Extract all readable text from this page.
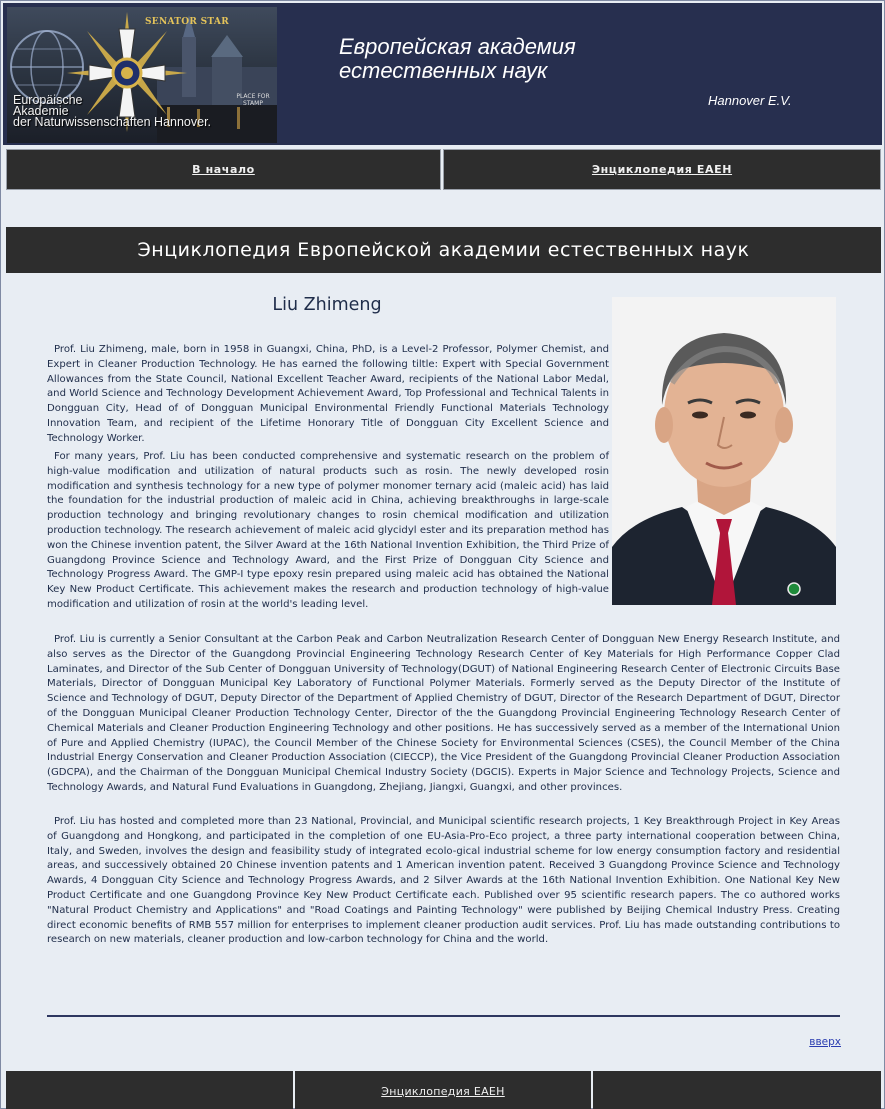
SENATOR STAR
PLACE FOR STAMP
Europäische
Akademie
der Naturwissenschaften Hannover.
Европейская академия
естественных наук
Hannover E.V.
В начало	Энциклопедия ЕАЕН
Энциклопедия Европейской академии естественных наук
Liu Zhimeng

Prof. Liu Zhimeng, male, born in 1958 in Guangxi, China, PhD, is a Level-2 Professor, Polymer Chemist, and Expert in Cleaner Production Technology. He has earned the following tiltle: Expert with Special Government Allowances from the State Council, National Excellent Teacher Award, recipients of the National Labor Medal, and World Science and Technology Development Achievement Award, Top Professional and Technical Talents in Dongguan City, Head of of Dongguan Municipal Environmental Friendly Functional Materials Technology Innovation Team, and recipient of the Lifetime Honorary Title of Dongguan City Excellent Science and Technology Worker.

For many years, Prof. Liu has been conducted comprehensive and systematic research on the problem of high-value modification and utilization of natural products such as rosin. The newly developed rosin modification and synthesis technology for a new type of polymer monomer ternary acid (maleic acid) has laid the foundation for the industrial production of maleic acid in China, achieving breakthroughs in large-scale production technology and bringing revolutionary changes to rosin chemical modification and utilization production technology. The research achievement of maleic acid glycidyl ester and its preparation method has won the Chinese invention patent, the Silver Award at the 16th National Invention Exhibition, the Third Prize of Guangdong Province Science and Technology Award, and the First Prize of Dongguan City Science and Technology Progress Award. The GMP-I type epoxy resin prepared using maleic acid has obtained the National Key New Product Certificate. This achievement makes the research and production technology of high-value modification and utilization of rosin at the world's leading level.

Prof. Liu is currently a Senior Consultant at the Carbon Peak and Carbon Neutralization Research Center of Dongguan New Energy Research Institute, and also serves as the Director of the Guangdong Provincial Engineering Technology Research Center of Key Materials for High Performance Copper Clad Laminates, and Director of the Sub Center of Dongguan University of Technology(DGUT) of National Engineering Research Center of Electronic Circuits Base Materials, Director of Dongguan Municipal Key Laboratory of Functional Polymer Materials. Formerly served as the Deputy Director of the Institute of Science and Technology of DGUT, Deputy Director of the Department of Applied Chemistry of DGUT, Director of the Research Department of DGUT, Director of the Dongguan Municipal Cleaner Production Technology Center, Director of the the Guangdong Provincial Engineering Technology Research Center of Chemical Materials and Cleaner Production Engineering Technology and other positions. He has successively served as a member of the International Union of Pure and Applied Chemistry (IUPAC), the Council Member of the Chinese Society for Environmental Sciences (CSES), the Council Member of the China Industrial Energy Conservation and Cleaner Production Association (CIECCP), the Vice President of the Guangdong Provincial Cleaner Production Association (GDCPA), and the Chairman of the Dongguan Municipal Chemical Industry Society (DGCIS). Experts in Major Science and Technology Projects, Science and Technology Awards, and Natural Fund Evaluations in Guangdong, Zhejiang, Jiangxi, Guangxi, and other provinces.

Prof. Liu has hosted and completed more than 23 National, Provincial, and Municipal scientific research projects, 1 Key Breakthrough Project in Key Areas of Guangdong and Hongkong, and participated in the completion of one EU-Asia-Pro-Eco project, a three party international cooperation between China, Italy, and Sweden, involves the design and feasibility study of integrated ecolo-gical industrial scheme for low energy consumption factory and residential areas, and successively obtained 20 Chinese invention patents and 1 American invention patent. Received 3 Guangdong Province Science and Technology Awards, 4 Dongguan City Science and Technology Progress Awards, and 2 Silver Awards at the 16th National Invention Exhibition. One National Key New Product Certificate and one Guangdong Province Key New Product Certificate each. Published over 95 scientific research papers. The co authored works "Natural Product Chemistry and Applications" and "Road Coatings and Painting Technology" were published by Beijing Chemical Industry Press. Creating direct economic benefits of RMB 557 million for enterprises to implement cleaner production audit services. Prof. Liu has made outstanding contributions to research on new materials, cleaner production and low-carbon technology for China and the world.

вверх
Энциклопедия ЕАЕН
